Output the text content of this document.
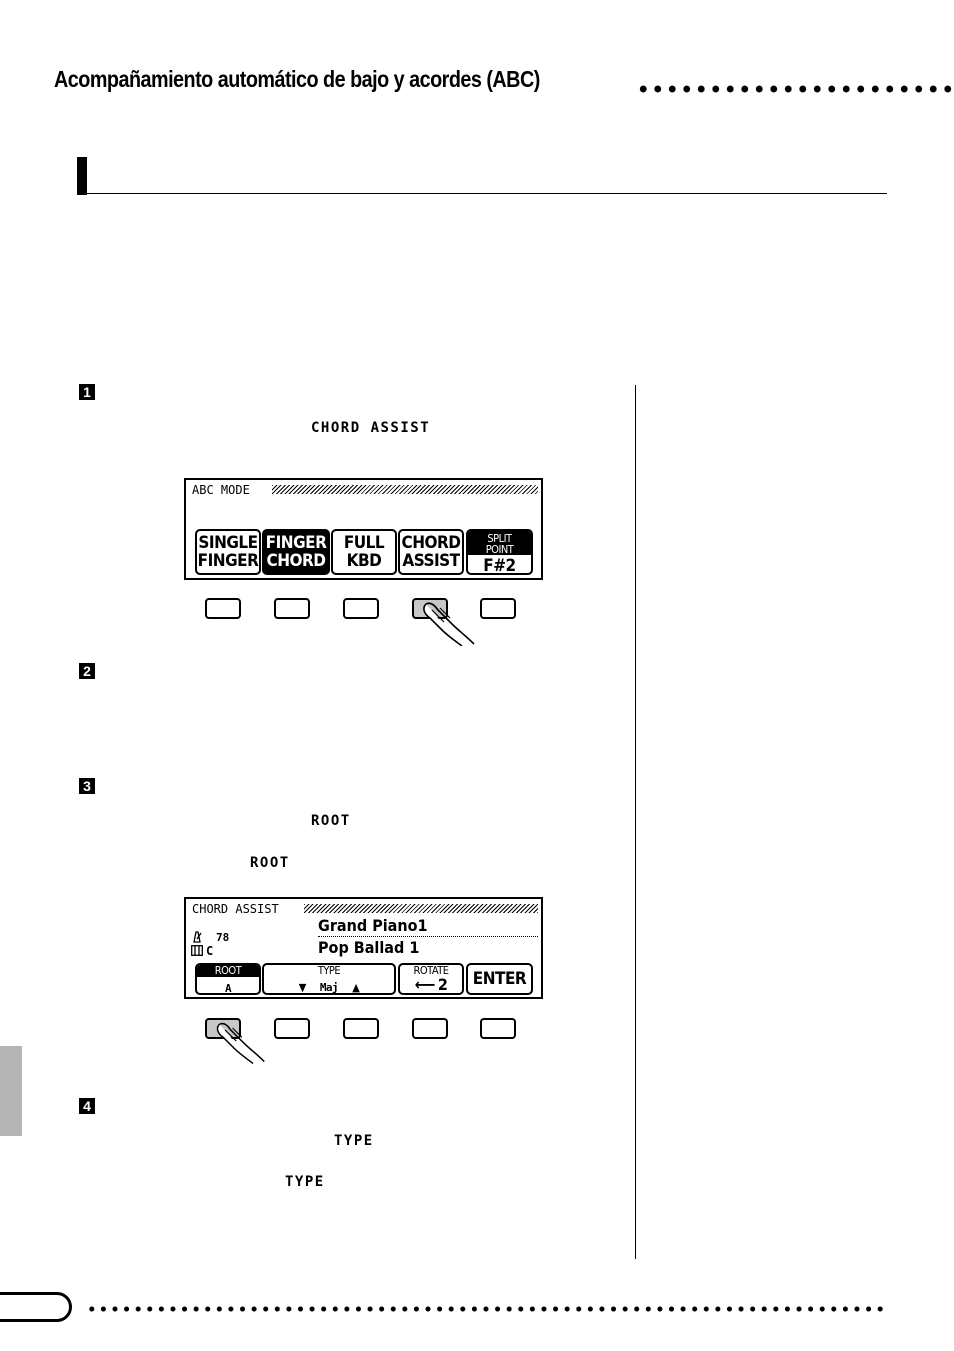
Acompañamiento automático de bajo y acordes (ABC)
1
CHORD ASSIST
ABC MODE
SINGLE
FINGER
FINGER
CHORD
FULL
KBD
CHORD
ASSIST
SPLIT
POINT
F#2
2
3
ROOT
ROOT
CHORD ASSIST
Grand Piano1
Pop Ballad 1
78
C
ROOT
A
TYPE
▼ Maj ▲
ROTATE
⟵ 2 ENTER
4
TYPE
TYPE
